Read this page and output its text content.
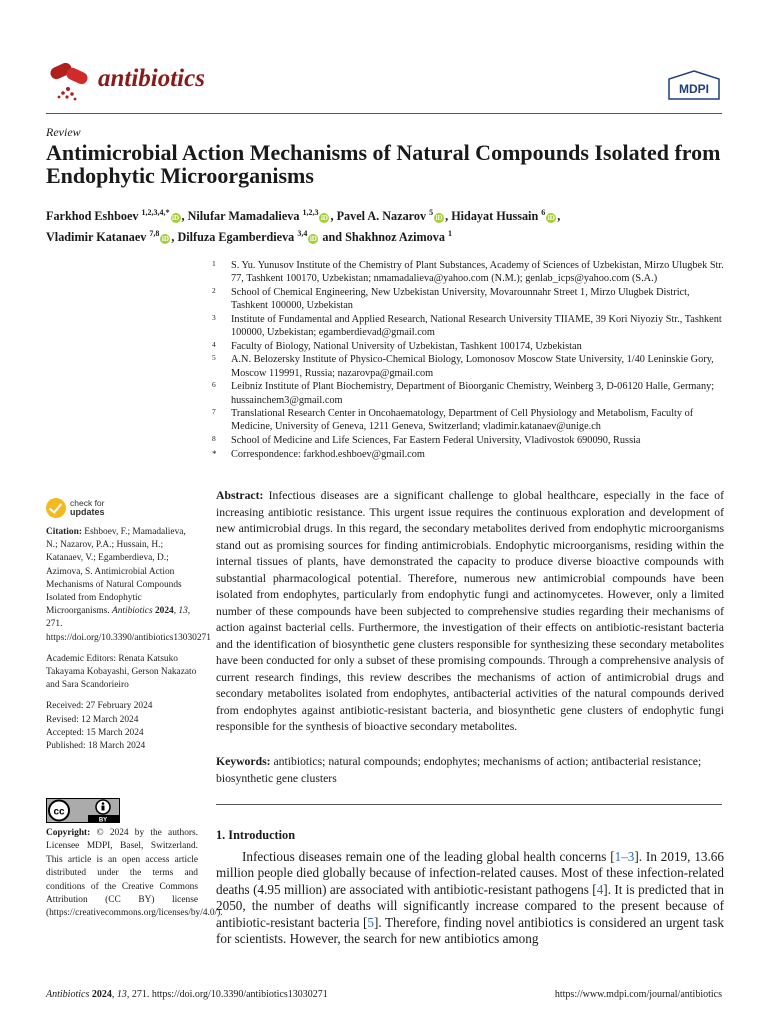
antibiotics	MDPI
Review
Antimicrobial Action Mechanisms of Natural Compounds Isolated from Endophytic Microorganisms
Farkhod Eshboev $^{1,2,3,4,*}$iD , Nilufar Mamadalieva $^{1,2,3}$iD , Pavel A. Nazarov $^5$iD , Hidayat Hussain $^6$iD ,
Vladimir Katanaev $^{7,8}$iD , Dilfuza Egamberdieva $^{3,4}$iD and Shakhnoz Azimova $^1$
1 S. Yu. Yunusov Institute of the Chemistry of Plant Substances, Academy of Sciences of Uzbekistan, Mirzo Ulugbek Str. 77, Tashkent 100170, Uzbekistan; nmamadalieva@yahoo.com (N.M.); genlab_icps@yahoo.com (S.A.)
2 School of Chemical Engineering, New Uzbekistan University, Movarounnahr Street 1, Mirzo Ulugbek District, Tashkent 100000, Uzbekistan
3 Institute of Fundamental and Applied Research, National Research University TIIAME, 39 Kori Niyoziy Str., Tashkent 100000, Uzbekistan; egamberdievad@gmail.com
4 Faculty of Biology, National University of Uzbekistan, Tashkent 100174, Uzbekistan
5 A.N. Belozersky Institute of Physico-Chemical Biology, Lomonosov Moscow State University, 1/40 Leninskie Gory, Moscow 119991, Russia; nazarovpa@gmail.com
6 Leibniz Institute of Plant Biochemistry, Department of Bioorganic Chemistry, Weinberg 3, D-06120 Halle, Germany; hussainchem3@gmail.com
7 Translational Research Center in Oncohaematology, Department of Cell Physiology and Metabolism, Faculty of Medicine, University of Geneva, 1211 Geneva, Switzerland; vladimir.katanaev@unige.ch
8 School of Medicine and Life Sciences, Far Eastern Federal University, Vladivostok 690090, Russia
* Correspondence: farkhod.eshboev@gmail.com
check for
updates

Citation: Eshboev, F.; Mamadalieva, N.; Nazarov, P.A.; Hussain, H.; Katanaev, V.; Egamberdieva, D.; Azimova, S. Antimicrobial Action Mechanisms of Natural Compounds Isolated from Endophytic Microorganisms. Antibiotics 2024, 13, 271. https://doi.org/10.3390/antibiotics13030271

Academic Editors: Renata Katsuko Takayama Kobayashi, Gerson Nakazato and Sara Scandorieiro

Received: 27 February 2024
Revised: 12 March 2024
Accepted: 15 March 2024
Published: 18 March 2024

cc
BY
Copyright: © 2024 by the authors. Licensee MDPI, Basel, Switzerland. This article is an open access article distributed under the terms and conditions of the Creative Commons Attribution (CC BY) license (https://creativecommons.org/licenses/by/4.0/).
Abstract: Infectious diseases are a significant challenge to global healthcare, especially in the face of increasing antibiotic resistance. This urgent issue requires the continuous exploration and development of new antimicrobial drugs. In this regard, the secondary metabolites derived from endophytic microorganisms stand out as promising sources for finding antimicrobials. Endophytic microorganisms, residing within the internal tissues of plants, have demonstrated the capacity to produce diverse bioactive compounds with substantial pharmacological potential. Therefore, numerous new antimicrobial compounds have been isolated from endophytes, particularly from endophytic fungi and actinomycetes. However, only a limited number of these compounds have been subjected to comprehensive studies regarding their mechanisms of action against bacterial cells. Furthermore, the investigation of their effects on antibiotic-resistant bacteria and the identification of biosynthetic gene clusters responsible for synthesizing these secondary metabolites have been conducted for only a subset of these promising compounds. Through a comprehensive analysis of current research findings, this review describes the mechanisms of action of antimicrobial drugs and secondary metabolites isolated from endophytes, antibacterial activities of the natural compounds derived from endophytes against antibiotic-resistant bacteria, and biosynthetic gene clusters of endophytic fungi responsible for the synthesis of bioactive secondary metabolites.
Keywords: antibiotics; natural compounds; endophytes; mechanisms of action; antibacterial resistance; biosynthetic gene clusters
1. Introduction
Infectious diseases remain one of the leading global health concerns [1–3]. In 2019, 13.66 million people died globally because of infection-related causes. Most of these infection-related deaths (4.95 million) are associated with antibiotic-resistant pathogens [4]. It is predicted that in 2050, the number of deaths will significantly increase compared to the present because of antibiotic-resistant bacteria [5]. Therefore, finding novel antibiotics is considered an urgent task for scientists. However, the search for new antibiotics among
Antibiotics 2024, 13, 271. https://doi.org/10.3390/antibiotics13030271	https://www.mdpi.com/journal/antibiotics
